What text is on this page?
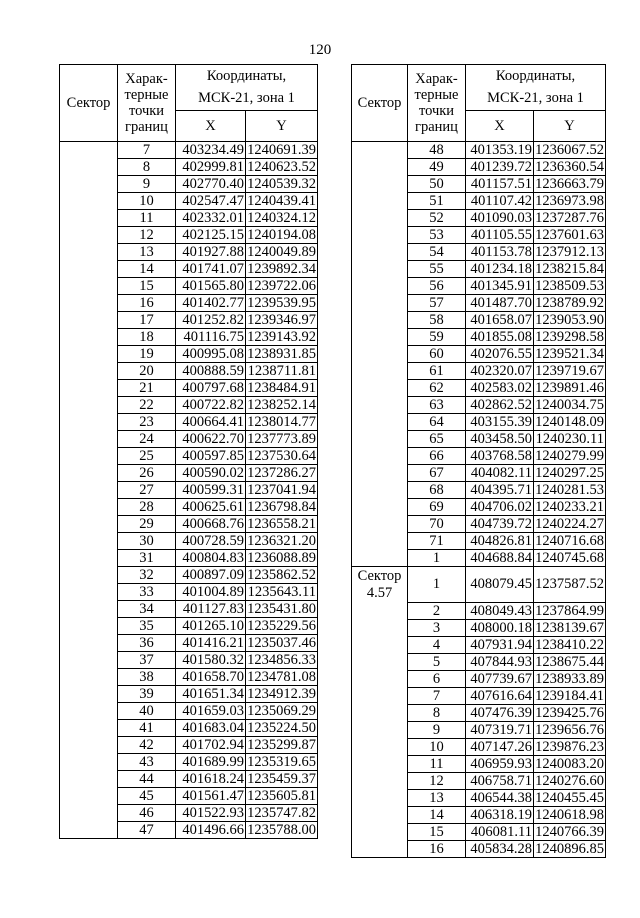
120
Сектор	Харак-
терные
точки
границ	Координаты,
МСК-21, зона 1	
		X	Y
	7	403234.49	1240691.39
	8	402999.81	1240623.52
	9	402770.40	1240539.32
	10	402547.47	1240439.41
	11	402332.01	1240324.12
	12	402125.15	1240194.08
	13	401927.88	1240049.89
	14	401741.07	1239892.34
	15	401565.80	1239722.06
	16	401402.77	1239539.95
	17	401252.82	1239346.97
	18	401116.75	1239143.92
	19	400995.08	1238931.85
	20	400888.59	1238711.81
	21	400797.68	1238484.91
	22	400722.82	1238252.14
	23	400664.41	1238014.77
	24	400622.70	1237773.89
	25	400597.85	1237530.64
	26	400590.02	1237286.27
	27	400599.31	1237041.94
	28	400625.61	1236798.84
	29	400668.76	1236558.21
	30	400728.59	1236321.20
	31	400804.83	1236088.89
	32	400897.09	1235862.52
	33	401004.89	1235643.11
	34	401127.83	1235431.80
	35	401265.10	1235229.56
	36	401416.21	1235037.46
	37	401580.32	1234856.33
	38	401658.70	1234781.08
	39	401651.34	1234912.39
	40	401659.03	1235069.29
	41	401683.04	1235224.50
	42	401702.94	1235299.87
	43	401689.99	1235319.65
	44	401618.24	1235459.37
	45	401561.47	1235605.81
	46	401522.93	1235747.82
	47	401496.66	1235788.00
Сектор	Харак-
терные
точки
границ	Координаты,
МСК-21, зона 1	
		X	Y
	48	401353.19	1236067.52
	49	401239.72	1236360.54
	50	401157.51	1236663.79
	51	401107.42	1236973.98
	52	401090.03	1237287.76
	53	401105.55	1237601.63
	54	401153.78	1237912.13
	55	401234.18	1238215.84
	56	401345.91	1238509.53
	57	401487.70	1238789.92
	58	401658.07	1239053.90
	59	401855.08	1239298.58
	60	402076.55	1239521.34
	61	402320.07	1239719.67
	62	402583.02	1239891.46
	63	402862.52	1240034.75
	64	403155.39	1240148.09
	65	403458.50	1240230.11
	66	403768.58	1240279.99
	67	404082.11	1240297.25
	68	404395.71	1240281.53
	69	404706.02	1240233.21
	70	404739.72	1240224.27
	71	404826.81	1240716.68
	1	404688.84	1240745.68

Сектор
4.57	1	408079.45	1237587.52
	2	408049.43	1237864.99
	3	408000.18	1238139.67
	4	407931.94	1238410.22
	5	407844.93	1238675.44
	6	407739.67	1238933.89
	7	407616.64	1239184.41
	8	407476.39	1239425.76
	9	407319.71	1239656.76
	10	407147.26	1239876.23
	11	406959.93	1240083.20
	12	406758.71	1240276.60
	13	406544.38	1240455.45
	14	406318.19	1240618.98
	15	406081.11	1240766.39
	16	405834.28	1240896.85
